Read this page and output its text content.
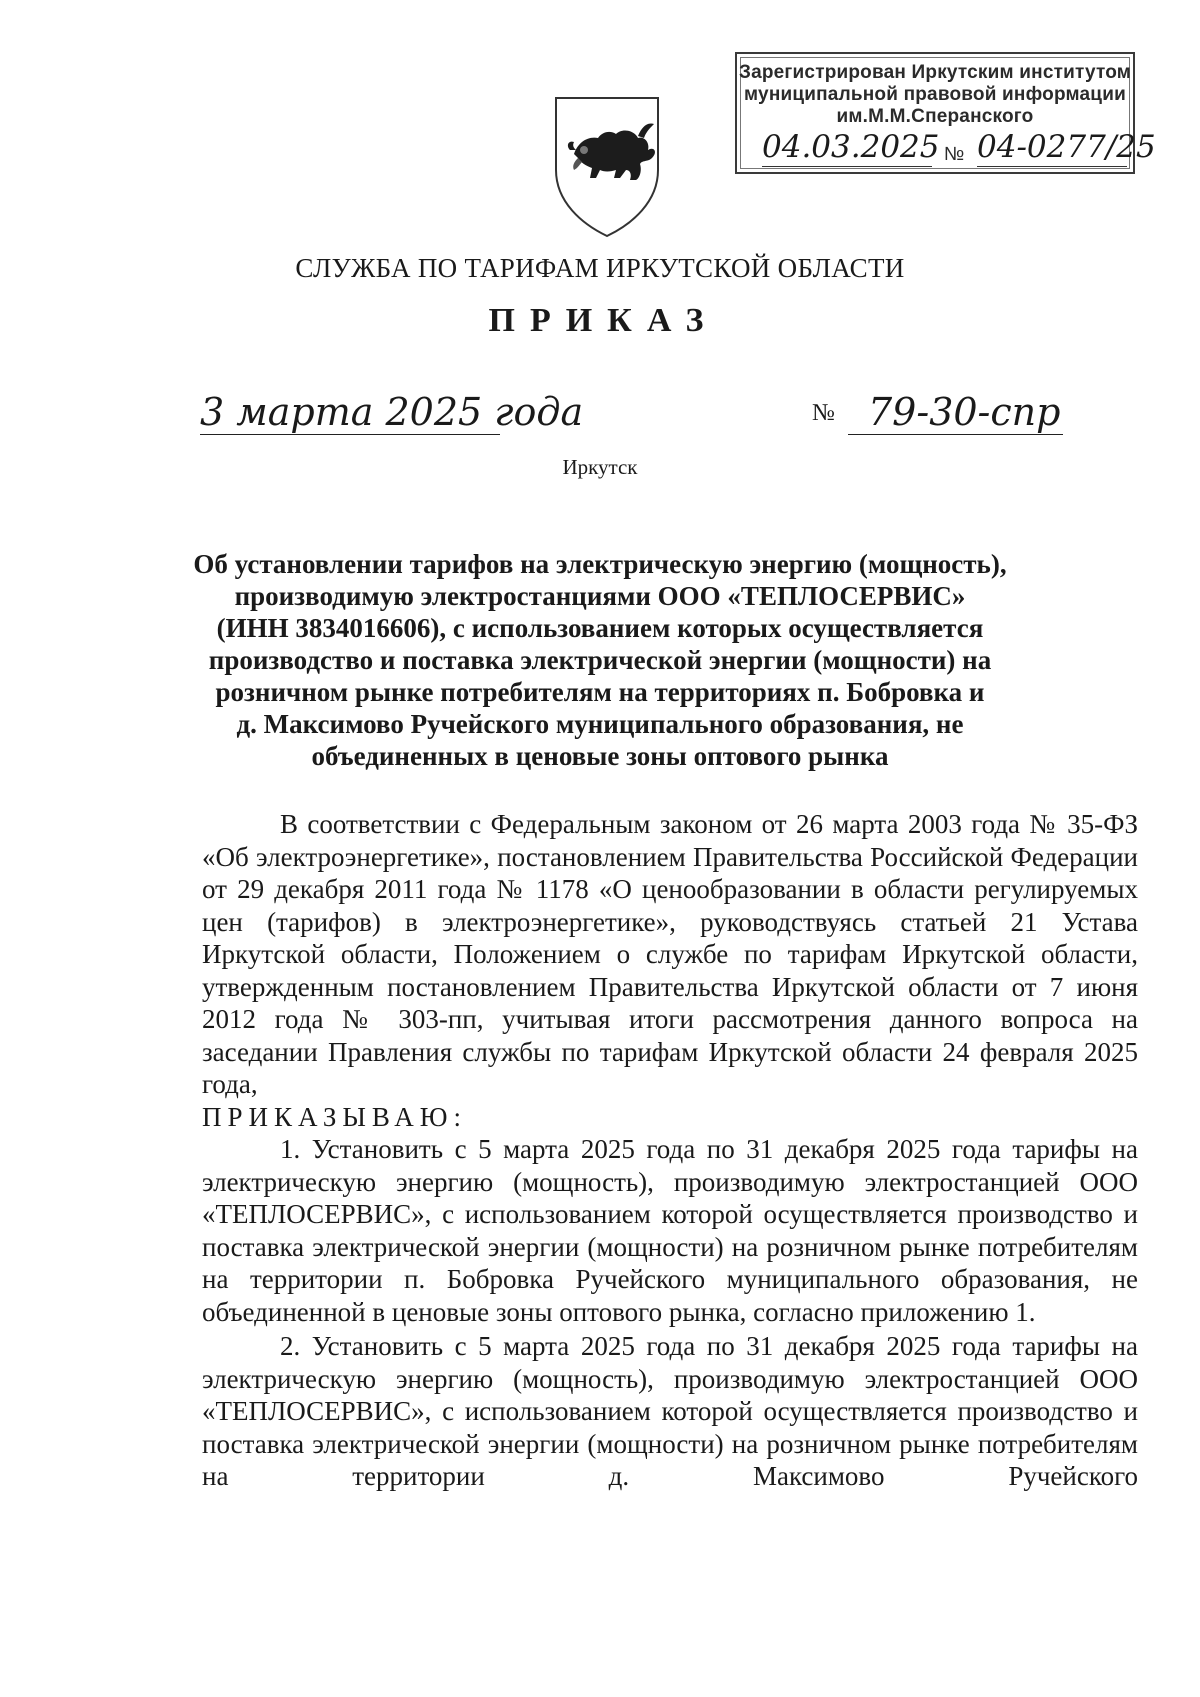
Зарегистрирован Иркутским институтом
муниципальной правовой информации
им.М.М.Сперанского
04.03.2025 № 04-0277/25
СЛУЖБА ПО ТАРИФАМ ИРКУТСКОЙ ОБЛАСТИ
ПРИКАЗ
3 марта 2025 года	№ 79-30-спр
Иркутск
Об установлении тарифов на электрическую энергию (мощность),
производимую электростанциями ООО «ТЕПЛОСЕРВИС»
(ИНН 3834016606), с использованием которых осуществляется
производство и поставка электрической энергии (мощности) на
розничном рынке потребителям на территориях п. Бобровка и
д. Максимово Ручейского муниципального образования, не
объединенных в ценовые зоны оптового рынка

В соответствии с Федеральным законом от 26 марта 2003 года № 35-ФЗ «Об электроэнергетике», постановлением Правительства Российской Федерации от 29 декабря 2011 года № 1178 «О ценообразовании в области регулируемых цен (тарифов) в электроэнергетике», руководствуясь статьей 21 Устава Иркутской области, Положением о службе по тарифам Иркутской области, утвержденным постановлением Правительства Иркутской области от 7 июня 2012 года № 303-пп, учитывая итоги рассмотрения данного вопроса на заседании Правления службы по тарифам Иркутской области 24 февраля 2025 года,

ПРИКАЗЫВАЮ:

1. Установить с 5 марта 2025 года по 31 декабря 2025 года тарифы на электрическую энергию (мощность), производимую электростанцией ООО «ТЕПЛОСЕРВИС», с использованием которой осуществляется производство и поставка электрической энергии (мощности) на розничном рынке потребителям на территории п. Бобровка Ручейского муниципального образования, не объединенной в ценовые зоны оптового рынка, согласно приложению 1.

2. Установить с 5 марта 2025 года по 31 декабря 2025 года тарифы на электрическую энергию (мощность), производимую электростанцией ООО «ТЕПЛОСЕРВИС», с использованием которой осуществляется производство и поставка электрической энергии (мощности) на розничном рынке потребителям на территории д. Максимово Ручейского
